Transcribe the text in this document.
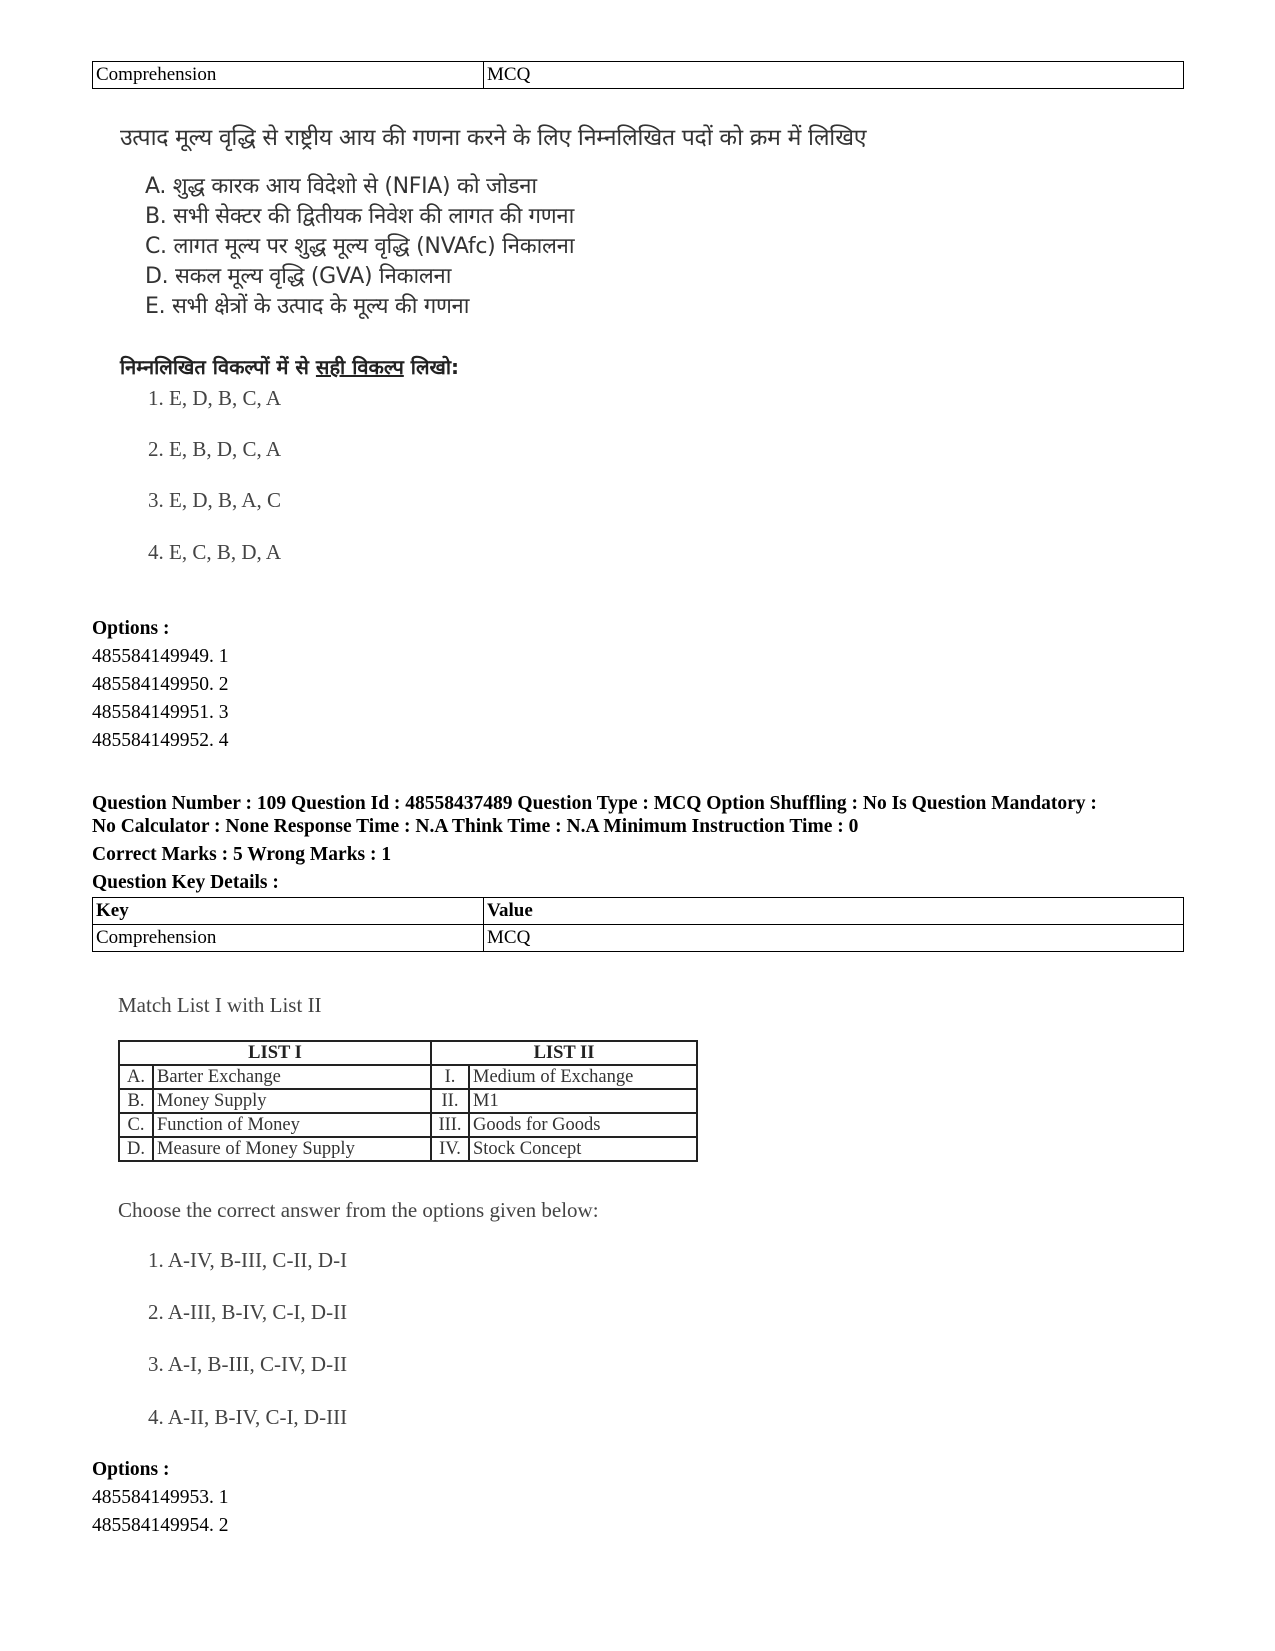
Comprehension	MCQ
उत्पाद मूल्य वृद्धि से राष्ट्रीय आय की गणना करने के लिए निम्नलिखित पदों को क्रम में लिखिए
A. शुद्ध कारक आय विदेशो से (NFIA) को जोडना
B. सभी सेक्टर की द्वितीयक निवेश की लागत की गणना
C. लागत मूल्य पर शुद्ध मूल्य वृद्धि (NVAfc) निकालना
D. सकल मूल्य वृद्धि (GVA) निकालना
E. सभी क्षेत्रों के उत्पाद के मूल्य की गणना
निम्नलिखित विकल्पों में से सही विकल्प लिखो:
1. E, D, B, C, A
2. E, B, D, C, A
3. E, D, B, A, C
4. E, C, B, D, A
Options :
485584149949. 1
485584149950. 2
485584149951. 3
485584149952. 4
Question Number : 109 Question Id : 48558437489 Question Type : MCQ Option Shuffling : No Is Question Mandatory :
No Calculator : None Response Time : N.A Think Time : N.A Minimum Instruction Time : 0
Correct Marks : 5 Wrong Marks : 1
Question Key Details :
Key	Value
Comprehension	MCQ
Match List I with List II
LIST I		LIST II	
A.	Barter Exchange	I.	Medium of Exchange
B.	Money Supply	II.	M1
C.	Function of Money	III.	Goods for Goods
D.	Measure of Money Supply	IV.	Stock Concept
Choose the correct answer from the options given below:
1. A-IV, B-III, C-II, D-I
2. A-III, B-IV, C-I, D-II
3. A-I, B-III, C-IV, D-II
4. A-II, B-IV, C-I, D-III
Options :
485584149953. 1
485584149954. 2
